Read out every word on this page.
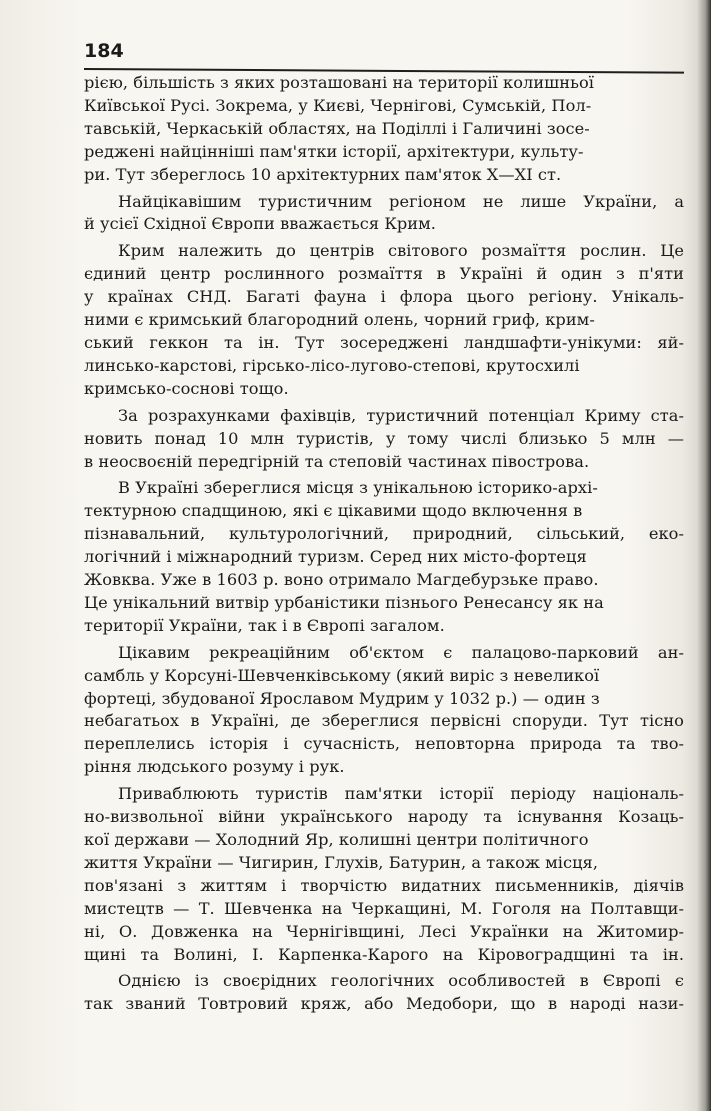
184
рією, більшість з яких розташовані на території колишньої
Київської Русі. Зокрема, у Києві, Чернігові, Сумській, Пол-
тавській, Черкаській областях, на Поділлі і Галичині зосе-
реджені найцінніші пам'ятки історії, архітектури, культу-
ри. Тут збереглось 10 архітектурних пам'яток X—XI ст.
Найцікавішим туристичним регіоном не лише України, а
й усієї Східної Європи вважається Крим.
Крим належить до центрів світового розмаїття рослин. Це
єдиний центр рослинного розмаїття в Україні й один з п'яти
у країнах СНД. Багаті фауна і флора цього регіону. Унікаль-
ними є кримський благородний олень, чорний гриф, крим-
ський геккон та ін. Тут зосереджені ландшафти-унікуми: яй-
линсько-карстові, гірсько-лісо-лугово-степові, крутосхилі
кримсько-соснові тощо.
За розрахунками фахівців, туристичний потенціал Криму ста-
новить понад 10 млн туристів, у тому числі близько 5 млн —
в неосвоєній передгірній та степовій частинах півострова.
В Україні збереглися місця з унікальною історико-архі-
тектурною спадщиною, які є цікавими щодо включення в
пізнавальний, культурологічний, природний, сільський, еко-
логічний і міжнародний туризм. Серед них місто-фортеця
Жовква. Уже в 1603 р. воно отримало Магдебурзьке право.
Це унікальний витвір урбаністики пізнього Ренесансу як на
території України, так і в Європі загалом.
Цікавим рекреаційним об'єктом є палацово-парковий ан-
самбль у Корсуні-Шевченківському (який виріс з невеликої
фортеці, збудованої Ярославом Мудрим у 1032 р.) — один з
небагатьох в Україні, де збереглися первісні споруди. Тут тісно
переплелись історія і сучасність, неповторна природа та тво-
ріння людського розуму і рук.
Приваблюють туристів пам'ятки історії періоду національ-
но-визвольної війни українського народу та існування Козаць-
кої держави — Холодний Яр, колишні центри політичного
життя України — Чигирин, Глухів, Батурин, а також місця,
пов'язані з життям і творчістю видатних письменників, діячів
мистецтв — Т. Шевченка на Черкащині, М. Гоголя на Полтавщи-
ні, О. Довженка на Чернігівщині, Лесі Українки на Житомир-
щині та Волині, І. Карпенка-Карого на Кіровоградщині та ін.
Однією із своєрідних геологічних особливостей в Європі є
так званий Товтровий кряж, або Медобори, що в народі нази-
